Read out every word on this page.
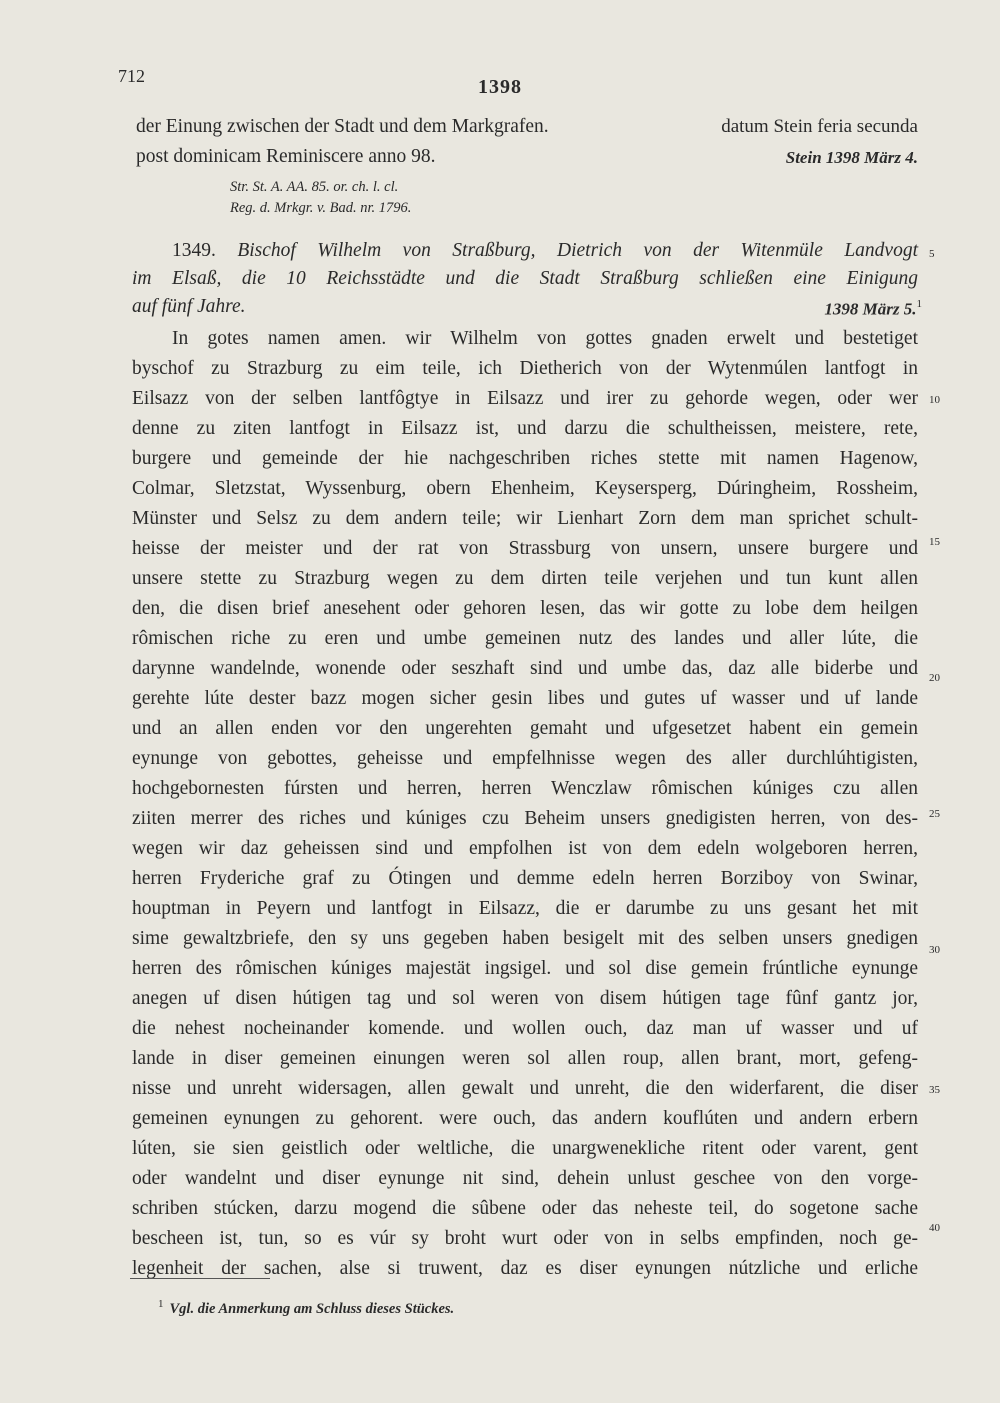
712	1398
der Einung zwischen der Stadt und dem Markgrafen.	datum Stein feria secunda
post dominicam Reminiscere anno 98.	Stein 1398 März 4.
Str. St. A. AA. 85. or. ch. l. cl.
Reg. d. Mrkgr. v. Bad. nr. 1796.
1349. Bischof Wilhelm von Straßburg, Dietrich von der Witenmüle Landvogt
im Elsaß, die 10 Reichsstädte und die Stadt Straßburg schließen eine Einigung
auf fünf Jahre.	1398 März 5.$^1$
In gotes namen amen. wir Wilhelm von gottes gnaden erwelt und bestetiget
byschof zu Strazburg zu eim teile, ich Dietherich von der Wytenmúlen lantfogt in
Eilsazz von der selben lantfôgtye in Eilsazz und irer zu gehorde wegen, oder wer
denne zu ziten lantfogt in Eilsazz ist, und darzu die schultheissen, meistere, rete,
burgere und gemeinde der hie nachgeschriben riches stette mit namen Hagenow,
Colmar, Sletzstat, Wyssenburg, obern Ehenheim, Keysersperg, Dúringheim, Rossheim,
Münster und Selsz zu dem andern teile; wir Lienhart Zorn dem man sprichet schult-
heisse der meister und der rat von Strassburg von unsern, unsere burgere und
unsere stette zu Strazburg wegen zu dem dirten teile verjehen und tun kunt allen
den, die disen brief anesehent oder gehoren lesen, das wir gotte zu lobe dem heilgen
rômischen riche zu eren und umbe gemeinen nutz des landes und aller lúte, die
darynne wandelnde, wonende oder seszhaft sind und umbe das, daz alle biderbe und
gerehte lúte dester bazz mogen sicher gesin libes und gutes uf wasser und uf lande
und an allen enden vor den ungerehten gemaht und ufgesetzet habent ein gemein
eynunge von gebottes, geheisse und empfelhnisse wegen des aller durchlúhtigisten,
hochgebornesten fúrsten und herren, herren Wenczlaw rômischen kúniges czu allen
ziiten merrer des riches und kúniges czu Beheim unsers gnedigisten herren, von des-
wegen wir daz geheissen sind und empfolhen ist von dem edeln wolgeboren herren,
herren Fryderiche graf zu Ótingen und demme edeln herren Borziboy von Swinar,
houptman in Peyern und lantfogt in Eilsazz, die er darumbe zu uns gesant het mit
sime gewaltzbriefe, den sy uns gegeben haben besigelt mit des selben unsers gnedigen
herren des rômischen kúniges majestät ingsigel. und sol dise gemein frúntliche eynunge
anegen uf disen hútigen tag und sol weren von disem hútigen tage fûnf gantz jor,
die nehest nocheinander komende. und wollen ouch, daz man uf wasser und uf
lande in diser gemeinen einungen weren sol allen roup, allen brant, mort, gefeng-
nisse und unreht widersagen, allen gewalt und unreht, die den widerfarent, die diser
gemeinen eynungen zu gehorent. were ouch, das andern kouflúten und andern erbern
lúten, sie sien geistlich oder weltliche, die unargwenekliche ritent oder varent, gent
oder wandelnt und diser eynunge nit sind, dehein unlust geschee von den vorge-
schriben stúcken, darzu mogend die sûbene oder das neheste teil, do sogetone sache
bescheen ist, tun, so es vúr sy broht wurt oder von in selbs empfinden, noch ge-
legenheit der sachen, alse si truwent, daz es diser eynungen nútzliche und erliche
5
10
15
20
25
30
35
40
$^1$ Vgl. die Anmerkung am Schluss dieses Stückes.
